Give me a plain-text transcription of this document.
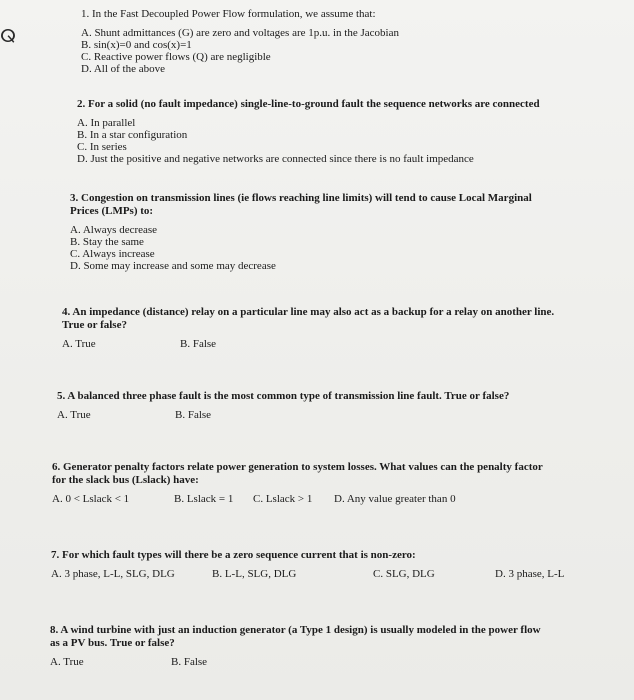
ⵕ

1. In the Fast Decoupled Power Flow formulation, we assume that:

A. Shunt admittances (G) are zero and voltages are 1p.u. in the Jacobian

B. sin(x)=0 and cos(x)=1

C. Reactive power flows (Q) are negligible

D. All of the above

2. For a solid (no fault impedance) single-line-to-ground fault the sequence networks are connected

A. In parallel

B. In a star configuration

C. In series

D. Just the positive and negative networks are connected since there is no fault impedance

3. Congestion on transmission lines (ie flows reaching line limits) will tend to cause Local Marginal
Prices (LMPs) to:

A. Always decrease

B. Stay the same

C. Always increase

D. Some may increase and some may decrease

4. An impedance (distance) relay on a particular line may also act as a backup for a relay on another line.
True or false?

A. True	B. False

5. A balanced three phase fault is the most common type of transmission line fault. True or false?

A. True	B. False

6. Generator penalty factors relate power generation to system losses. What values can the penalty factor
for the slack bus (Lslack) have:

A. 0 < Lslack < 1	B. Lslack = 1 C. Lslack > 1 D. Any value greater than 0

7. For which fault types will there be a zero sequence current that is non-zero:

A. 3 phase, L-L, SLG, DLG	B. L-L, SLG, DLG	C. SLG, DLG	D. 3 phase, L-L

8. A wind turbine with just an induction generator (a Type 1 design) is usually modeled in the power flow
as a PV bus. True or false?

A. True	B. False
